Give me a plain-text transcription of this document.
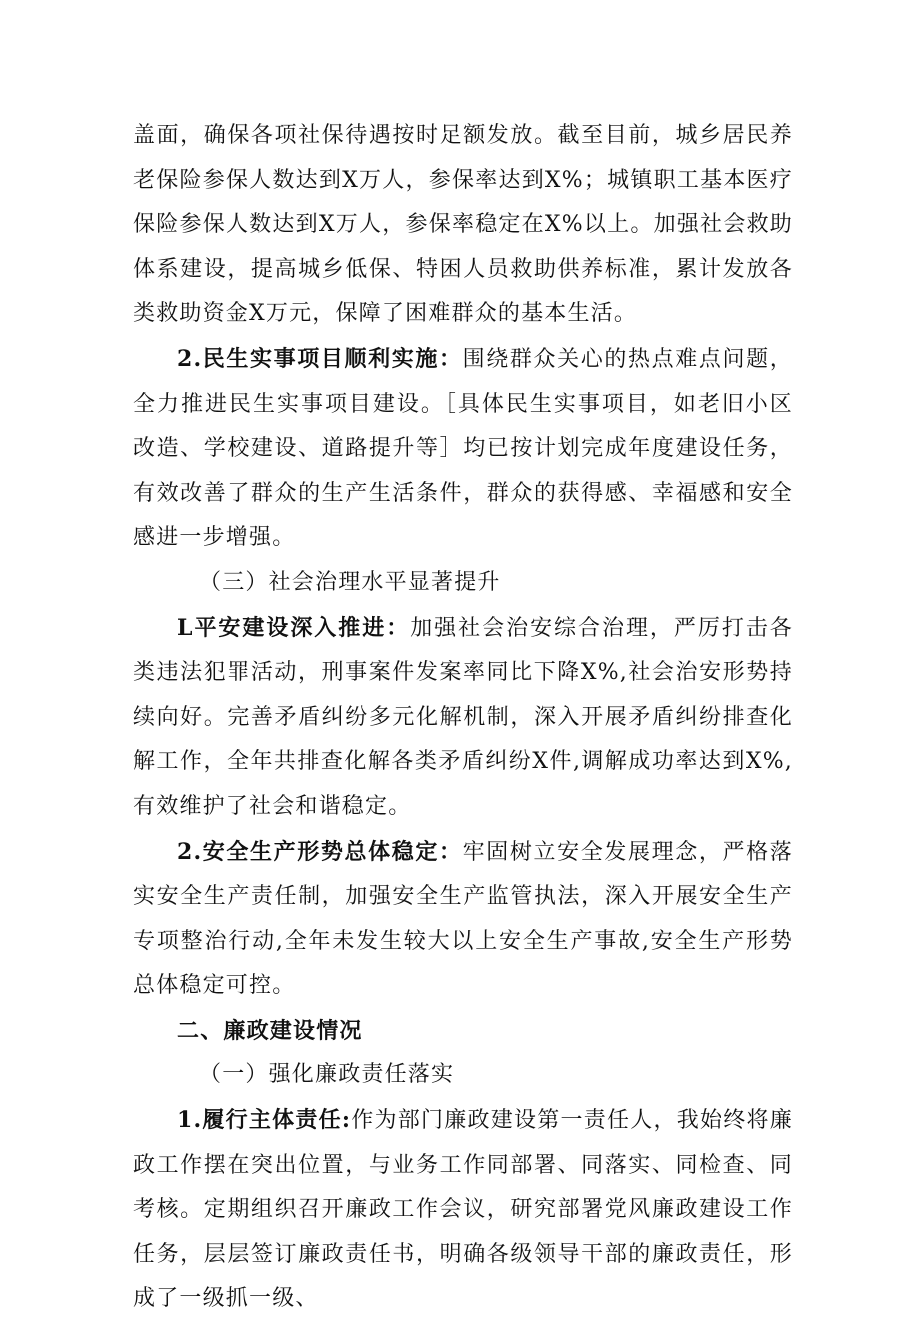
盖面，确保各项社保待遇按时足额发放。截至目前，城乡居民养老保险参保人数达到X万人，参保率达到X%；城镇职工基本医疗保险参保人数达到X万人，参保率稳定在X%以上。加强社会救助体系建设，提高城乡低保、特困人员救助供养标准，累计发放各类救助资金X万元，保障了困难群众的基本生活。

2.民生实事项目顺利实施：围绕群众关心的热点难点问题，全力推进民生实事项目建设。［具体民生实事项目，如老旧小区改造、学校建设、道路提升等］均已按计划完成年度建设任务，有效改善了群众的生产生活条件，群众的获得感、幸福感和安全感进一步增强。

（三）社会治理水平显著提升

L平安建设深入推进：加强社会治安综合治理，严厉打击各类违法犯罪活动，刑事案件发案率同比下降X%,社会治安形势持续向好。完善矛盾纠纷多元化解机制，深入开展矛盾纠纷排查化解工作，全年共排查化解各类矛盾纠纷X件,调解成功率达到X%,有效维护了社会和谐稳定。

2.安全生产形势总体稳定：牢固树立安全发展理念，严格落实安全生产责任制，加强安全生产监管执法，深入开展安全生产专项整治行动,全年未发生较大以上安全生产事故,安全生产形势总体稳定可控。

二、廉政建设情况

（一）强化廉政责任落实

1.履行主体责任:作为部门廉政建设第一责任人，我始终将廉政工作摆在突出位置，与业务工作同部署、同落实、同检查、同考核。定期组织召开廉政工作会议，研究部署党风廉政建设工作任务，层层签订廉政责任书，明确各级领导干部的廉政责任，形成了一级抓一级、
